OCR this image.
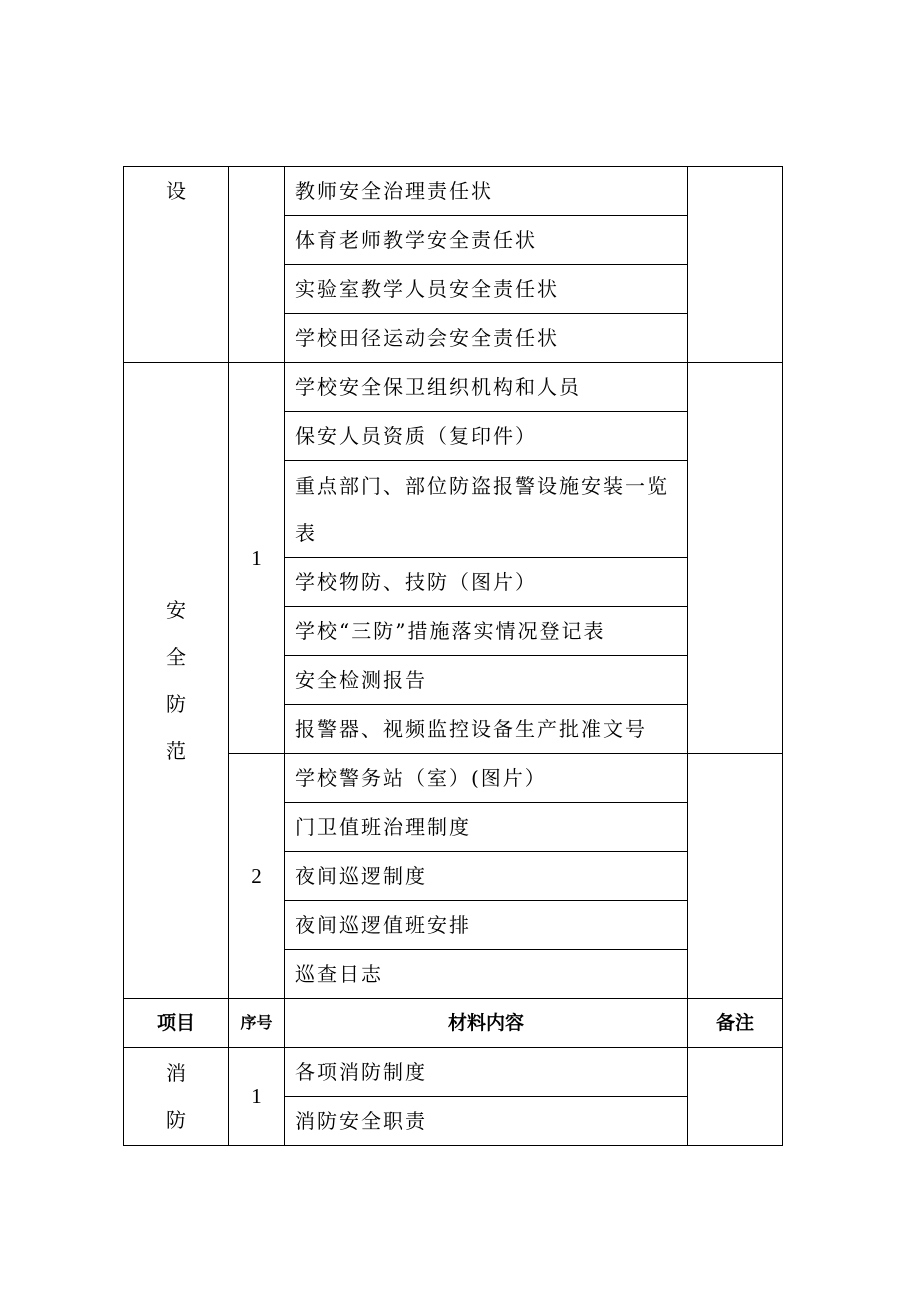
设		教师安全治理责任状	
		体育老师教学安全责任状	
		实验室教学人员安全责任状	
		学校田径运动会安全责任状	

安
全
防
范	1	学校安全保卫组织机构和人员	
		保安人员资质（复印件）	
		重点部门、部位防盗报警设施安装一览表	
		学校物防、技防（图片）	
		学校“三防”措施落实情况登记表	
		安全检测报告	
		报警器、视频监控设备生产批准文号	
	2	学校警务站（室）(图片）	
		门卫值班治理制度	
		夜间巡逻制度	
		夜间巡逻值班安排	
		巡查日志	
项目	序号	材料内容	备注

消
防	1	各项消防制度	
		消防安全职责	
